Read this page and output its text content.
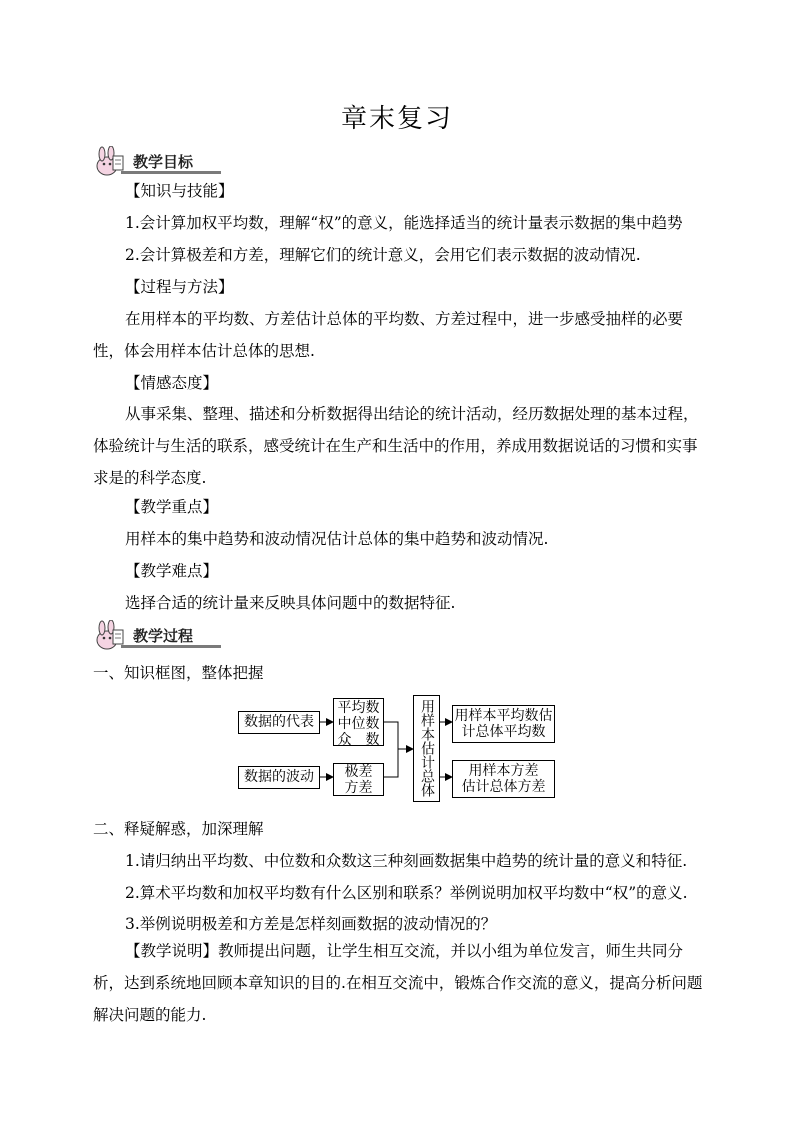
章末复习
教学目标
【知识与技能】
1.会计算加权平均数，理解“权”的意义，能选择适当的统计量表示数据的集中趋势
2.会计算极差和方差，理解它们的统计意义，会用它们表示数据的波动情况.
【过程与方法】
在用样本的平均数、方差估计总体的平均数、方差过程中，进一步感受抽样的必要性，体会用样本估计总体的思想.
【情感态度】
从事采集、整理、描述和分析数据得出结论的统计活动，经历数据处理的基本过程，体验统计与生活的联系，感受统计在生产和生活中的作用，养成用数据说话的习惯和实事求是的科学态度.
【教学重点】
用样本的集中趋势和波动情况估计总体的集中趋势和波动情况.
【教学难点】
选择合适的统计量来反映具体问题中的数据特征.
教学过程
一、知识框图，整体把握
数据的代表
数据的波动
平均数
中位数
众　数
极差
方差	用样本估计总体	用样本平均数估
计总体平均数
用样本方差
估计总体方差
二、释疑解惑，加深理解
1.请归纳出平均数、中位数和众数这三种刻画数据集中趋势的统计量的意义和特征.
2.算术平均数和加权平均数有什么区别和联系？举例说明加权平均数中“权”的意义.
3.举例说明极差和方差是怎样刻画数据的波动情况的？
【教学说明】教师提出问题，让学生相互交流，并以小组为单位发言，师生共同分析，达到系统地回顾本章知识的目的.在相互交流中，锻炼合作交流的意义，提高分析问题解决问题的能力.
